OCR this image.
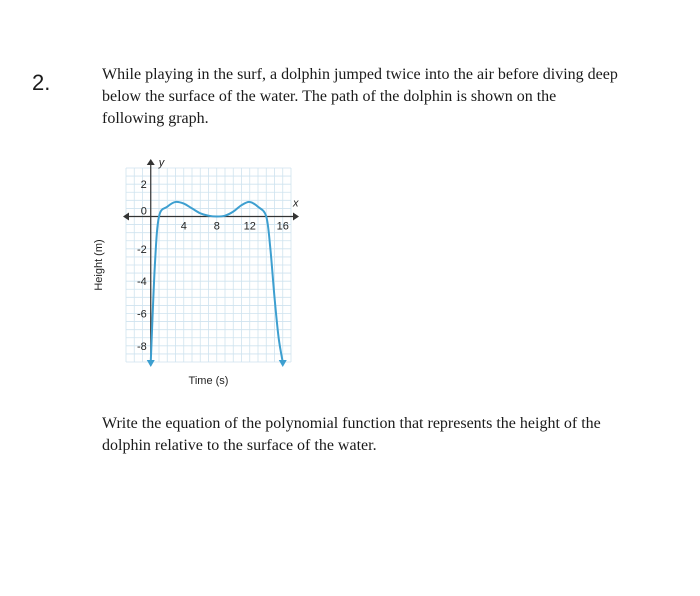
2.	While playing in the surf, a dolphin jumped twice into the air before diving deep below the surface of the water. The path of the dolphin is shown on the following graph.
0
4 8 12 16
2
-2
-4
-6
-8
x
y
Time (s)
Height (m)
Write the equation of the polynomial function that represents the height of the dolphin relative to the surface of the water.
